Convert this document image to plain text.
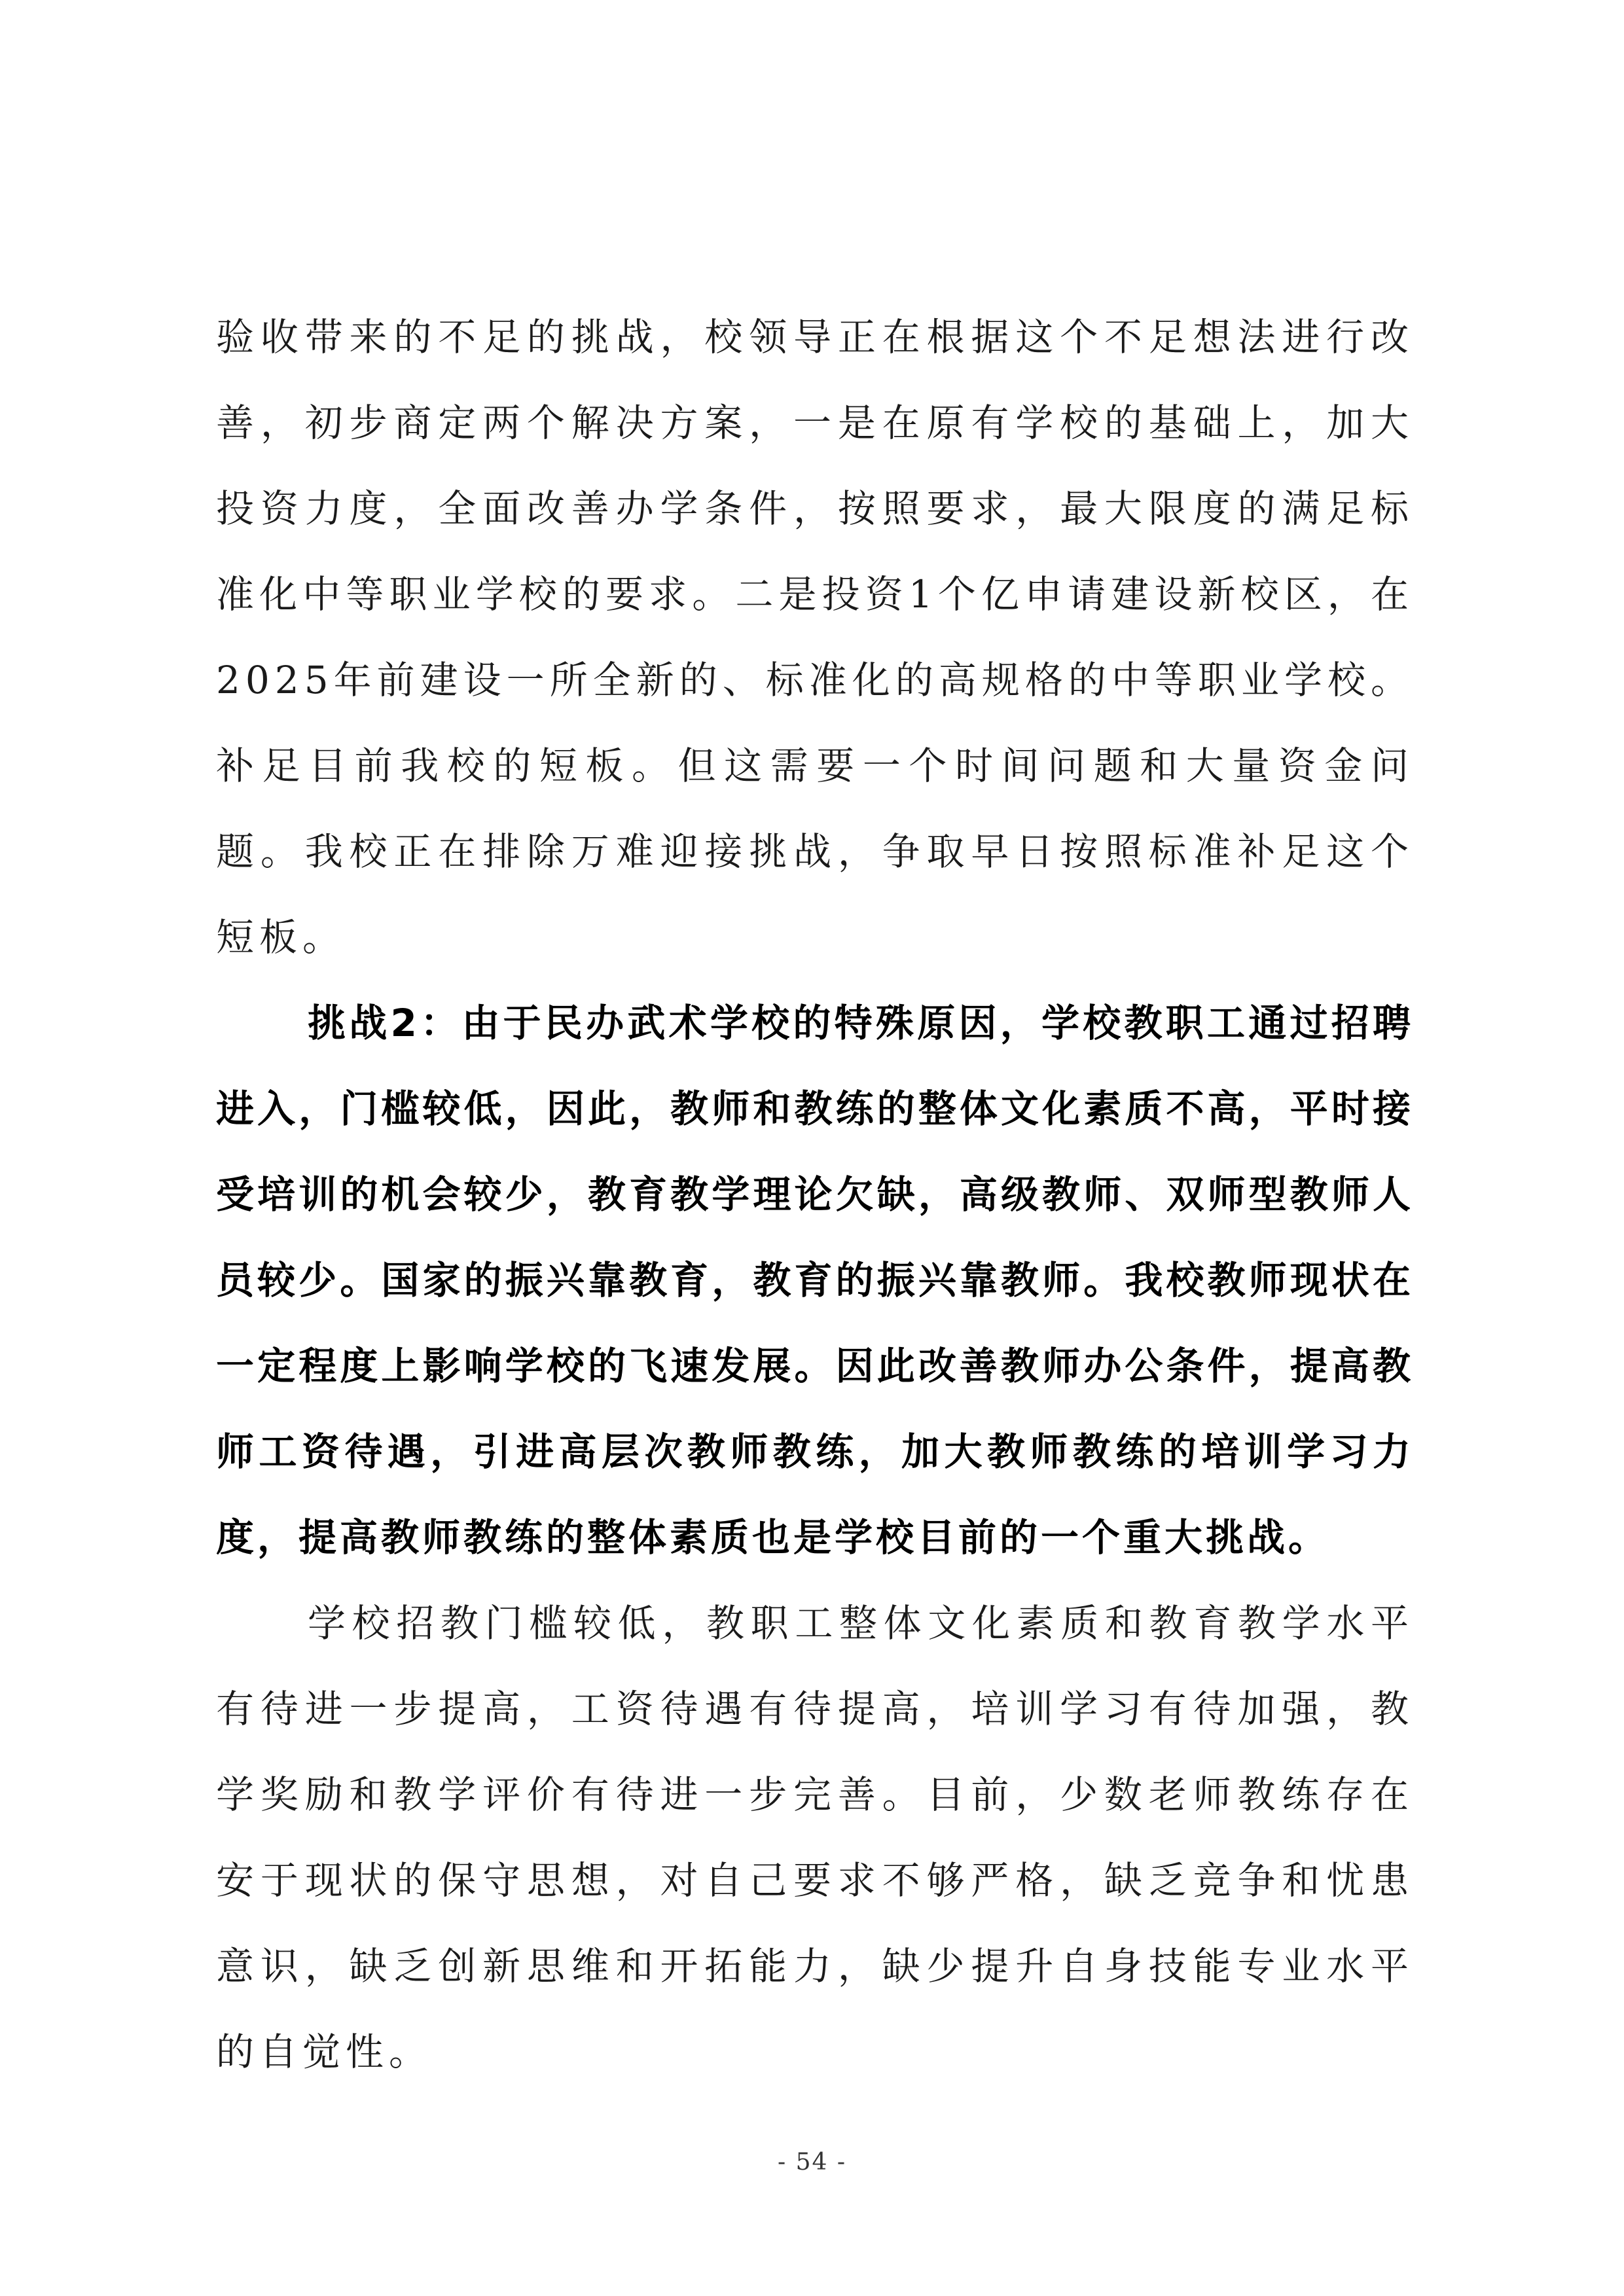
验收带来的不足的挑战，校领导正在根据这个不足想法进行改善，初步商定两个解决方案，一是在原有学校的基础上，加大投资力度，全面改善办学条件，按照要求，最大限度的满足标准化中等职业学校的要求。二是投资1个亿申请建设新校区，在2025年前建设一所全新的、标准化的高规格的中等职业学校。补足目前我校的短板。但这需要一个时间问题和大量资金问题。我校正在排除万难迎接挑战，争取早日按照标准补足这个短板。

挑战2：由于民办武术学校的特殊原因，学校教职工通过招聘进入，门槛较低，因此，教师和教练的整体文化素质不高，平时接受培训的机会较少，教育教学理论欠缺，高级教师、双师型教师人员较少。国家的振兴靠教育，教育的振兴靠教师。我校教师现状在一定程度上影响学校的飞速发展。因此改善教师办公条件，提高教师工资待遇，引进高层次教师教练，加大教师教练的培训学习力度，提高教师教练的整体素质也是学校目前的一个重大挑战。

学校招教门槛较低，教职工整体文化素质和教育教学水平有待进一步提高，工资待遇有待提高，培训学习有待加强，教学奖励和教学评价有待进一步完善。目前，少数老师教练存在安于现状的保守思想，对自己要求不够严格，缺乏竞争和忧患意识，缺乏创新思维和开拓能力，缺少提升自身技能专业水平的自觉性。

- 54 -
